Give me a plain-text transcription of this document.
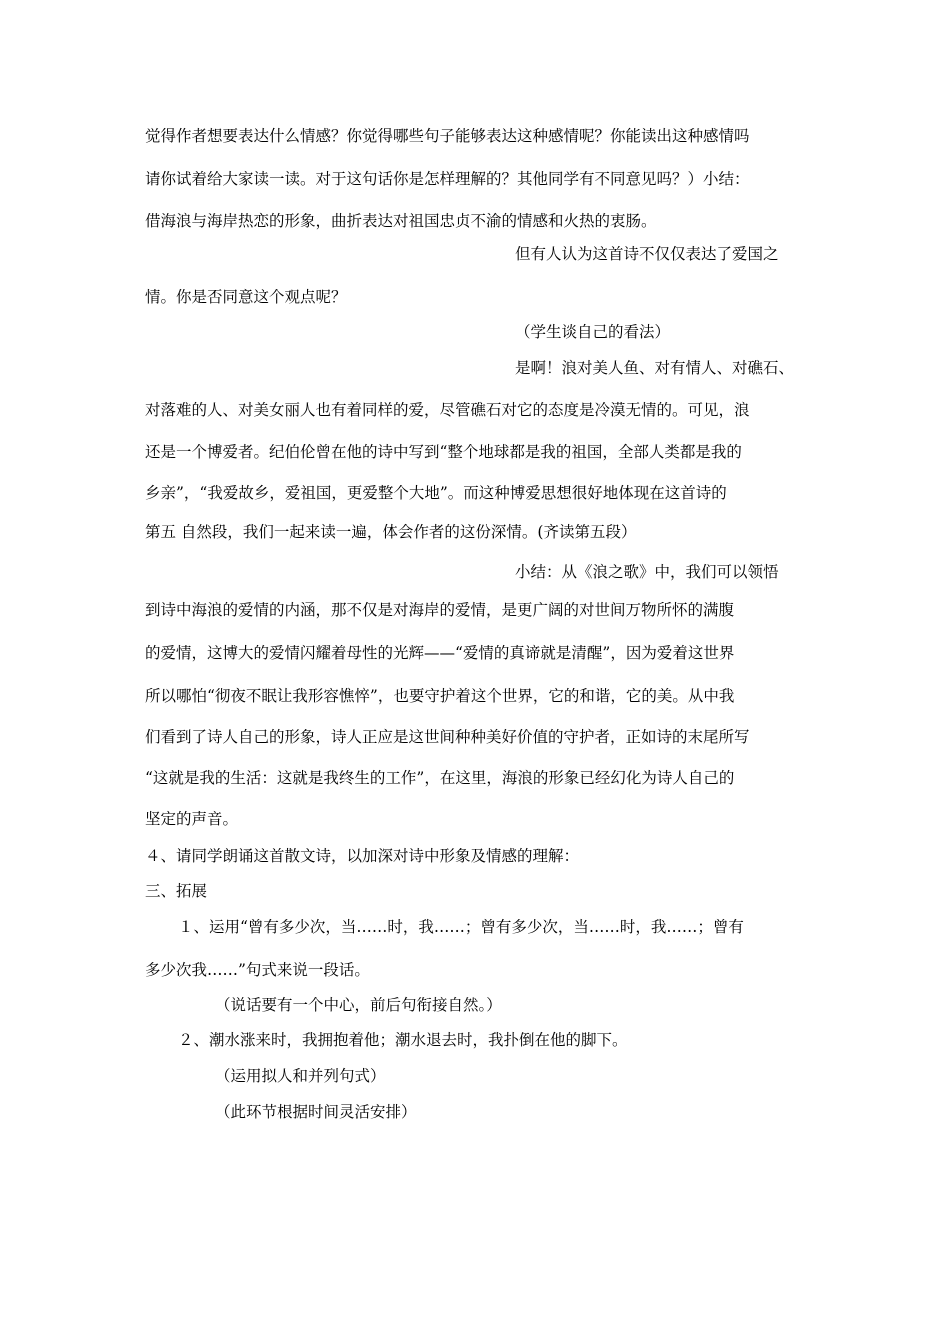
觉得作者想要表达什么情感？你觉得哪些句子能够表达这种感情呢？你能读出这种感情吗
请你试着给大家读一读。对于这句话你是怎样理解的？其他同学有不同意见吗？）小结：
借海浪与海岸热恋的形象，曲折表达对祖国忠贞不渝的情感和火热的衷肠。
但有人认为这首诗不仅仅表达了爱国之
情。你是否同意这个观点呢？
（学生谈自己的看法）
是啊！浪对美人鱼、对有情人、对礁石、
对落难的人、对美女丽人也有着同样的爱，尽管礁石对它的态度是冷漠无情的。可见，浪
还是一个博爱者。纪伯伦曾在他的诗中写到“整个地球都是我的祖国，全部人类都是我的
乡亲”，“我爱故乡，爱祖国，更爱整个大地”。而这种博爱思想很好地体现在这首诗的
第五 自然段，我们一起来读一遍，体会作者的这份深情。(齐读第五段）
小结：从《浪之歌》中，我们可以领悟
到诗中海浪的爱情的内涵，那不仅是对海岸的爱情，是更广阔的对世间万物所怀的满腹
的爱情，这博大的爱情闪耀着母性的光辉——“爱情的真谛就是清醒”，因为爱着这世界
所以哪怕“彻夜不眠让我形容憔悴”，也要守护着这个世界，它的和谐，它的美。从中我
们看到了诗人自己的形象，诗人正应是这世间种种美好价值的守护者，正如诗的末尾所写
“这就是我的生活：这就是我终生的工作”，在这里，海浪的形象已经幻化为诗人自己的
坚定的声音。
４、请同学朗诵这首散文诗，以加深对诗中形象及情感的理解：
三、拓展
１、运用“曾有多少次，当……时，我……；曾有多少次，当……时，我……；曾有
多少次我……”句式来说一段话。
（说话要有一个中心，前后句衔接自然。）
２、潮水涨来时，我拥抱着他；潮水退去时，我扑倒在他的脚下。
（运用拟人和并列句式）
（此环节根据时间灵活安排）
